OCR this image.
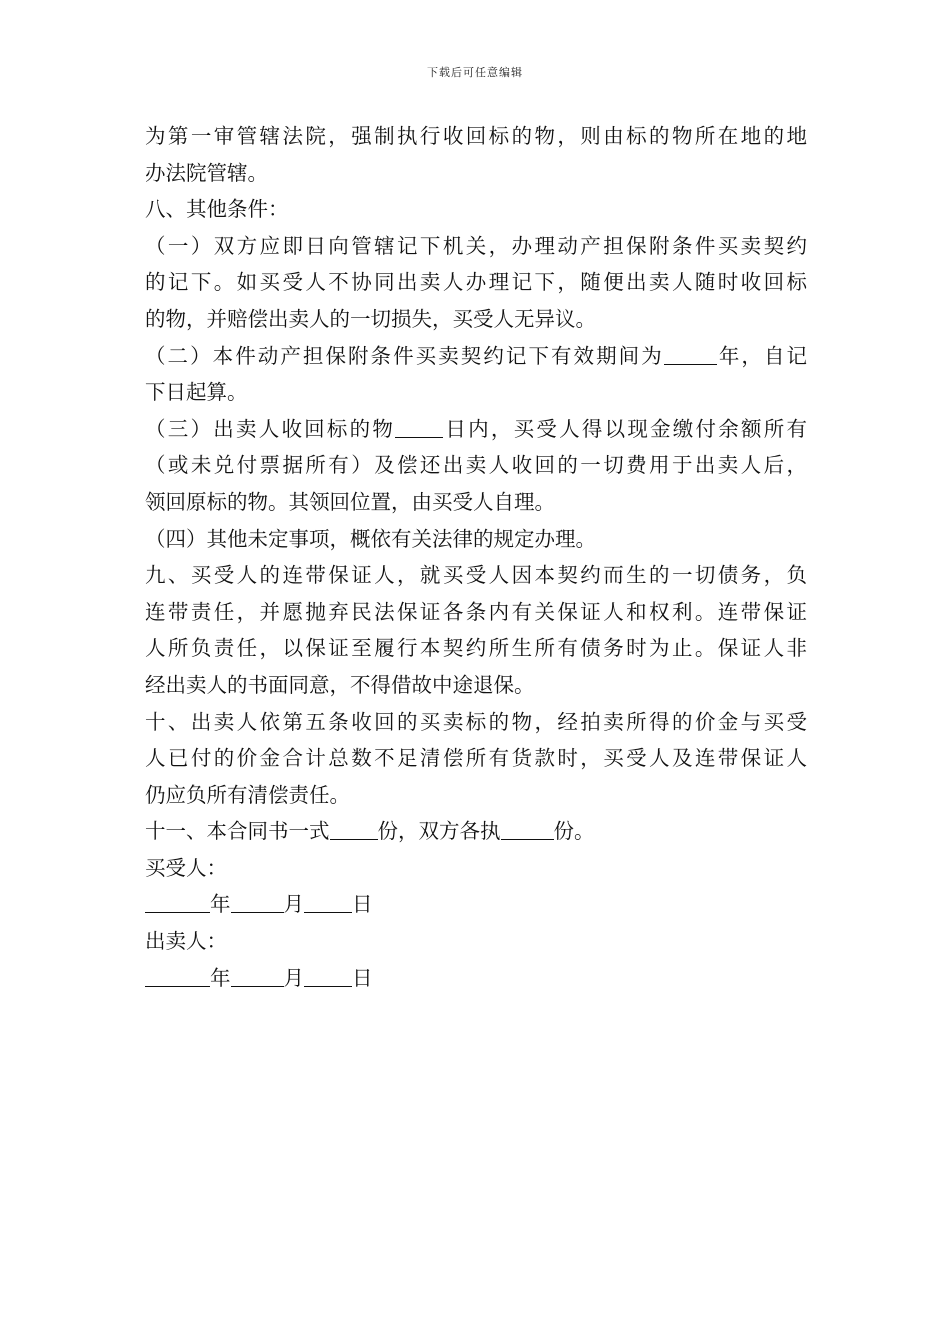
下载后可任意编辑
为第一审管辖法院，强制执行收回标的物，则由标的物所在地的地
办法院管辖。
八、其他条件：
（一）双方应即日向管辖记下机关，办理动产担保附条件买卖契约
的记下。如买受人不协同出卖人办理记下，随便出卖人随时收回标
的物，并赔偿出卖人的一切损失，买受人无异议。
（二）本件动产担保附条件买卖契约记下有效期间为	年，自记
下日起算。
（三）出卖人收回标的物 日内，买受人得以现金缴付余额所有
（或未兑付票据所有）及偿还出卖人收回的一切费用于出卖人后，
领回原标的物。其领回位置，由买受人自理。
（四）其他未定事项，概依有关法律的规定办理。
九、买受人的连带保证人，就买受人因本契约而生的一切债务，负
连带责任，并愿抛弃民法保证各条内有关保证人和权利。连带保证
人所负责任，以保证至履行本契约所生所有债务时为止。保证人非
经出卖人的书面同意，不得借故中途退保。
十、出卖人依第五条收回的买卖标的物，经拍卖所得的价金与买受
人已付的价金合计总数不足清偿所有货款时，买受人及连带保证人
仍应负所有清偿责任。
十一、本合同书一式 份，双方各执	份。
买受人：
年	月 日
出卖人：
年	月 日
